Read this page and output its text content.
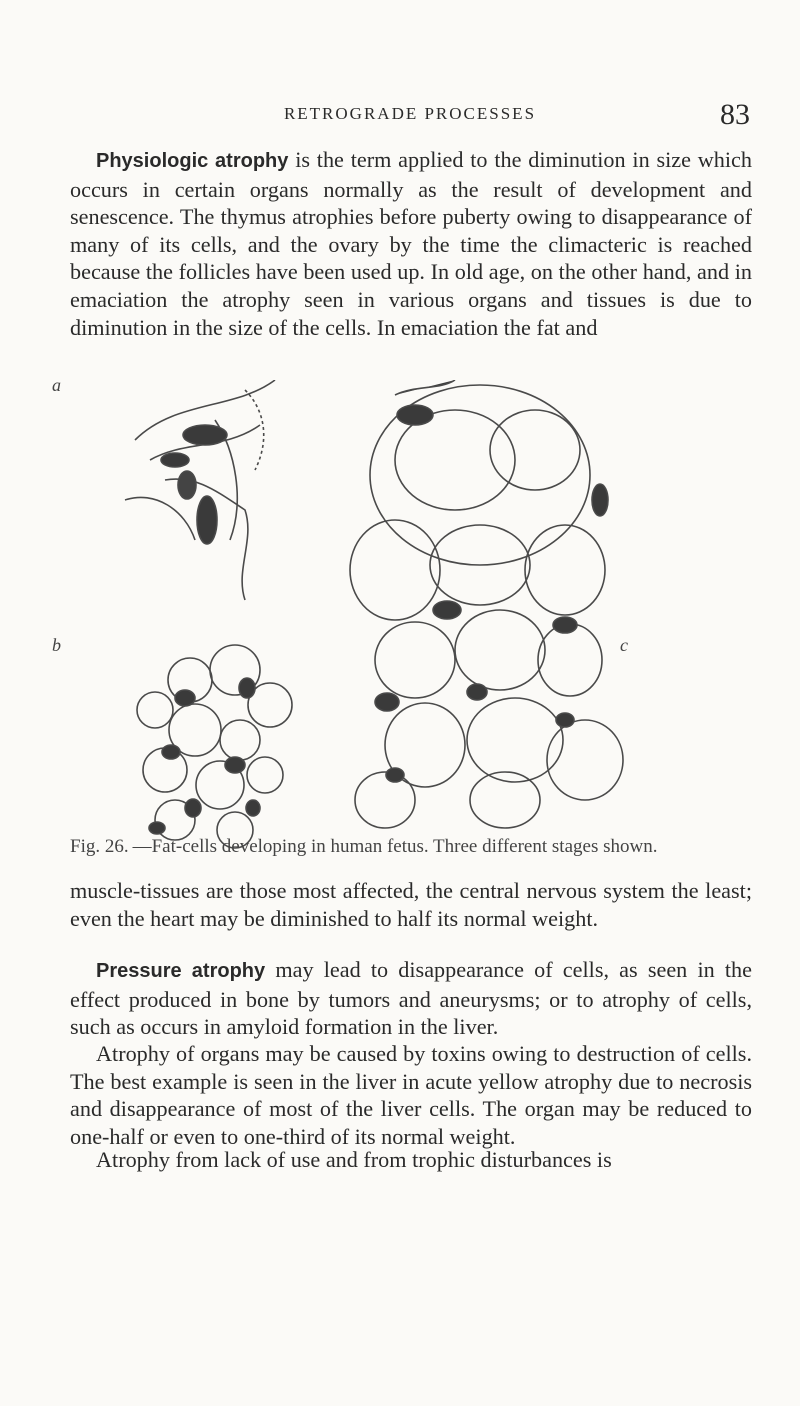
RETROGRADE PROCESSES	83

Physiologic atrophy is the term applied to the diminution in size which occurs in certain organs normally as the result of development and senescence. The thymus atrophies before puberty owing to disappearance of many of its cells, and the ovary by the time the climacteric is reached because the follicles have been used up. In old age, on the other hand, and in emaciation the atrophy seen in various organs and tissues is due to diminution in the size of the cells. In emaciation the fat and

a
b	c
Fig. 26. —Fat-cells developing in human fetus. Three different stages shown.

muscle-tissues are those most affected, the central nervous system the least; even the heart may be diminished to half its normal weight.

Pressure atrophy may lead to disappearance of cells, as seen in the effect produced in bone by tumors and aneurysms; or to atrophy of cells, such as occurs in amyloid formation in the liver.

Atrophy of organs may be caused by toxins owing to destruction of cells. The best example is seen in the liver in acute yellow atrophy due to necrosis and disappearance of most of the liver cells. The organ may be reduced to one-half or even to one-third of its normal weight.

Atrophy from lack of use and from trophic disturbances is
